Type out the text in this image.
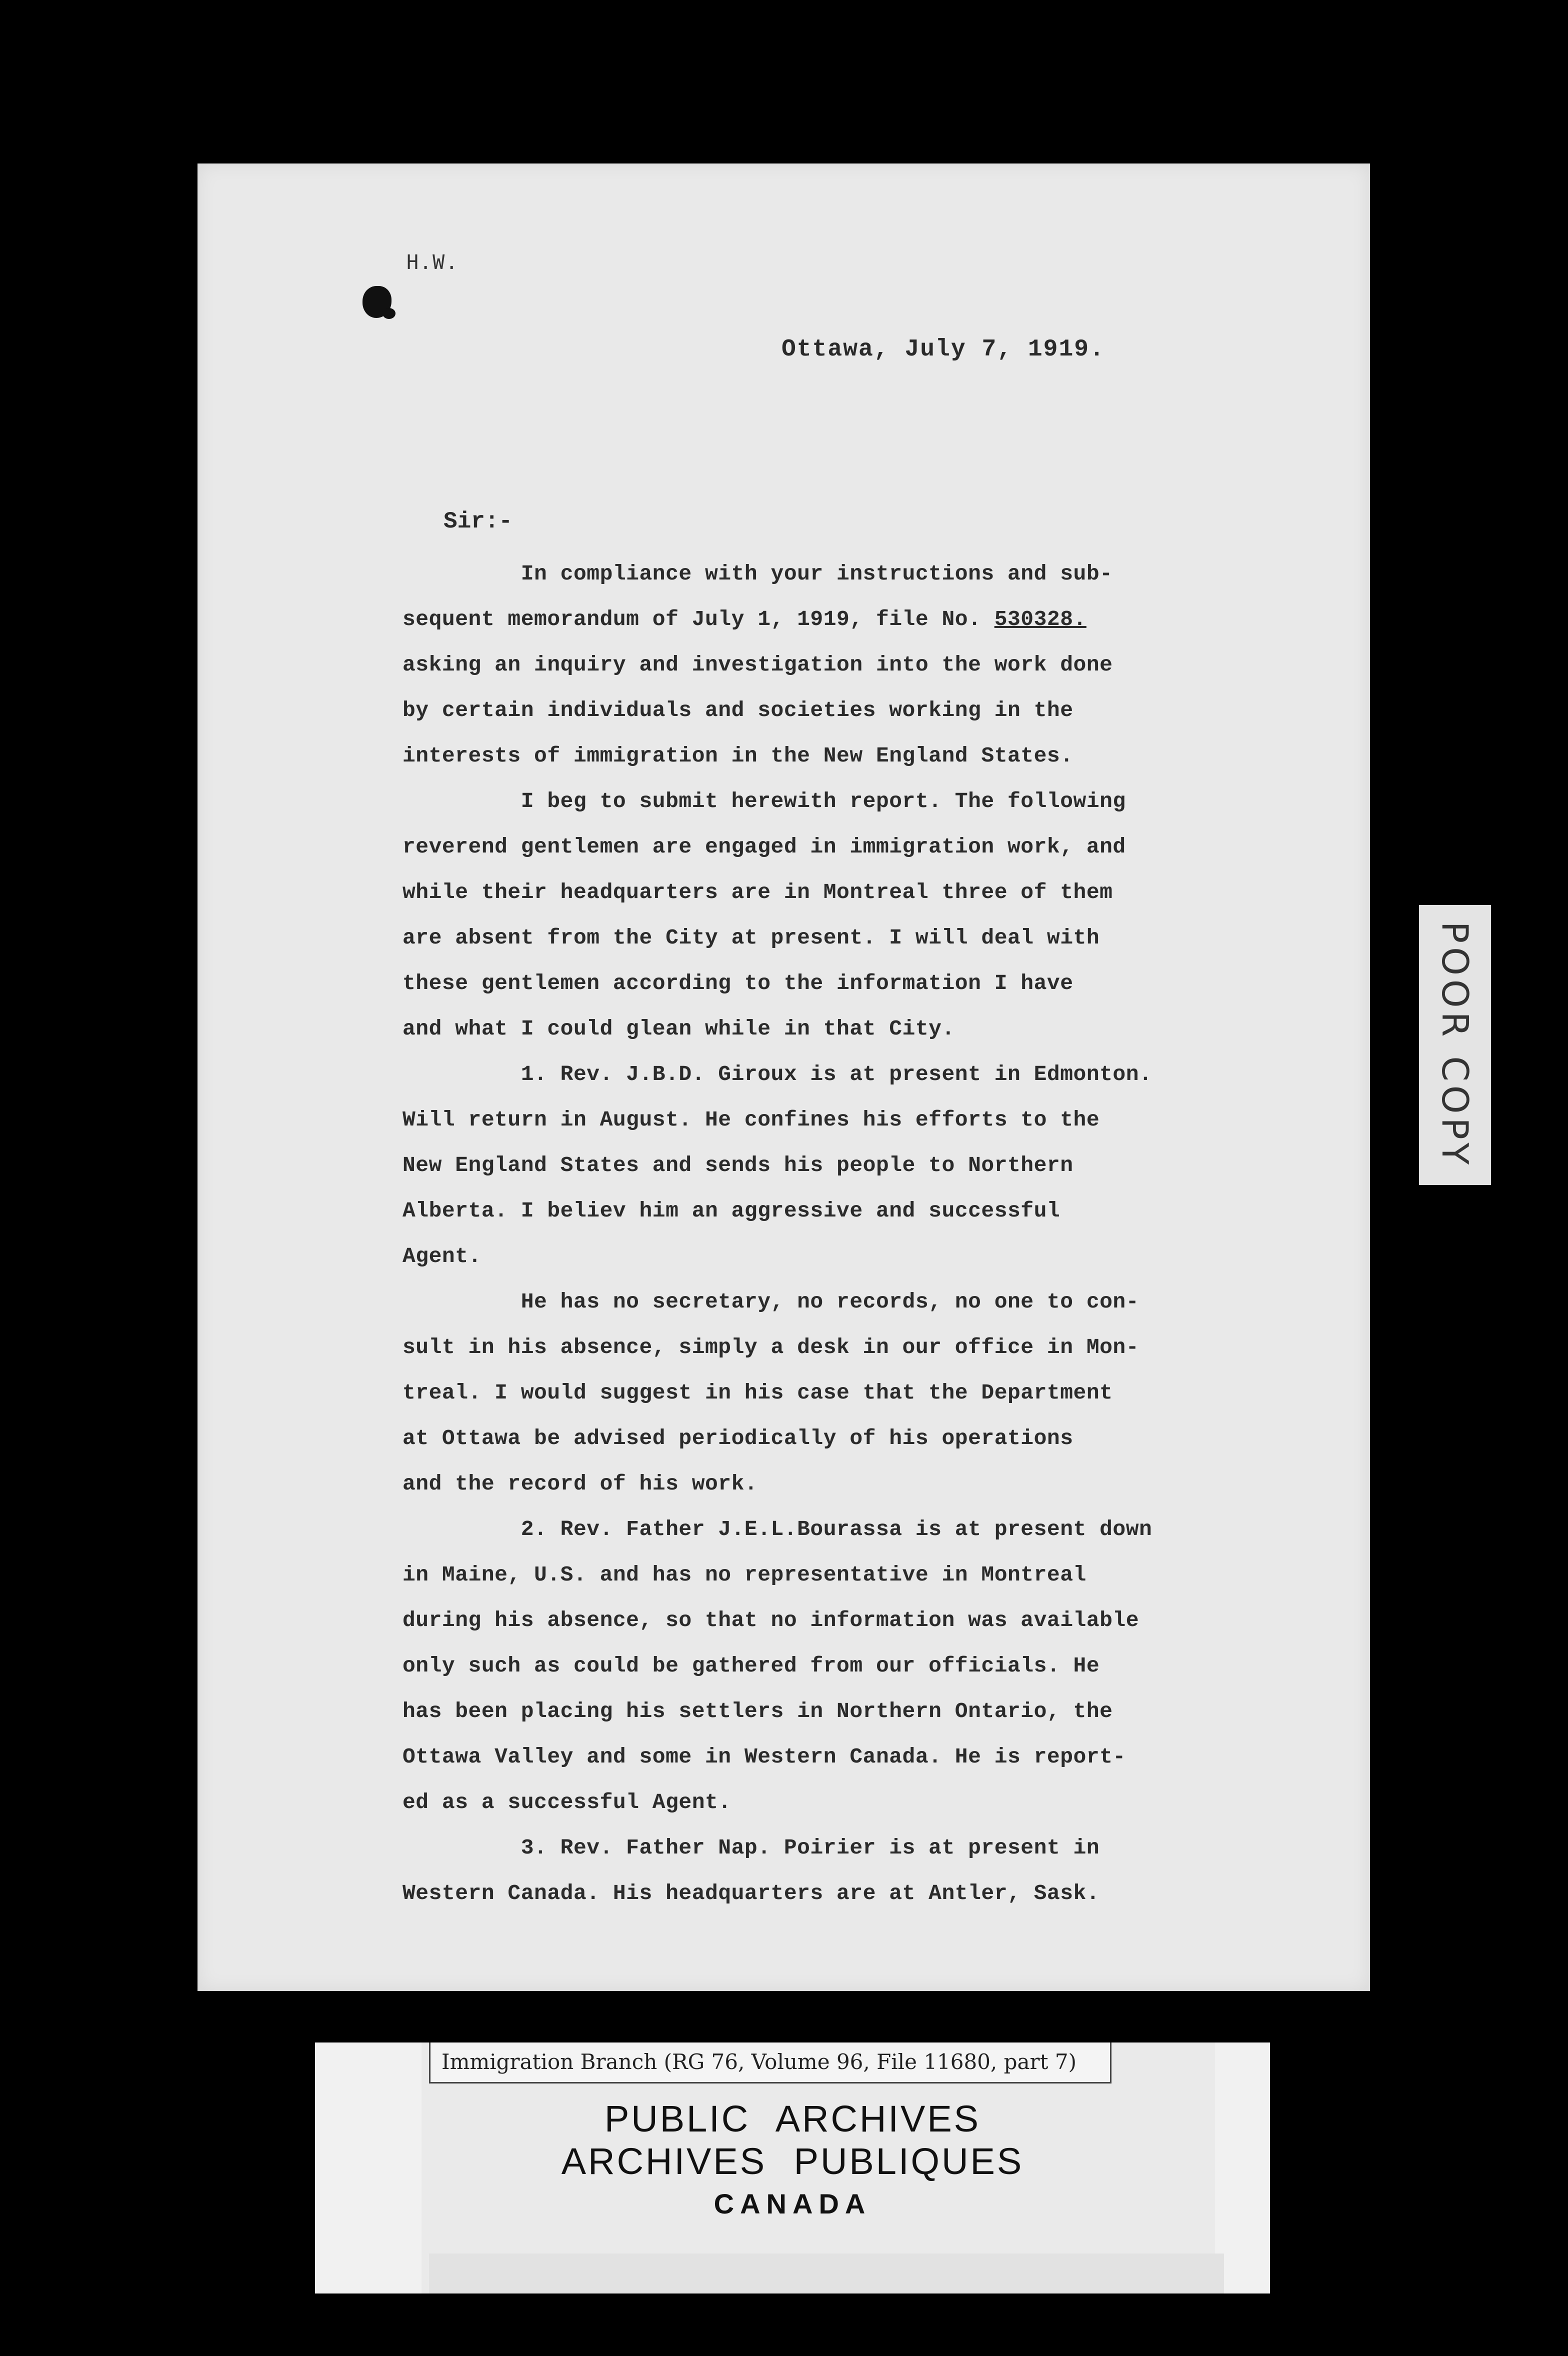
H.W.
Ottawa, July 7, 1919.
Sir:-
In compliance with your instructions and sub-
sequent memorandum of July 1, 1919, file No. 530328.
asking an inquiry and investigation into the work done
by certain individuals and societies working in the
interests of immigration in the New England States.
I beg to submit herewith report. The following
reverend gentlemen are engaged in immigration work, and
while their headquarters are in Montreal three of them
are absent from the City at present. I will deal with
these gentlemen according to the information I have
and what I could glean while in that City.
1. Rev. J.B.D. Giroux is at present in Edmonton.
Will return in August. He confines his efforts to the
New England States and sends his people to Northern
Alberta. I believ him an aggressive and successful
Agent.
He has no secretary, no records, no one to con-
sult in his absence, simply a desk in our office in Mon-
treal. I would suggest in his case that the Department
at Ottawa be advised periodically of his operations
and the record of his work.
2. Rev. Father J.E.L.Bourassa is at present down
in Maine, U.S. and has no representative in Montreal
during his absence, so that no information was available
only such as could be gathered from our officials. He
has been placing his settlers in Northern Ontario, the
Ottawa Valley and some in Western Canada. He is report-
ed as a successful Agent.
3. Rev. Father Nap. Poirier is at present in
Western Canada. His headquarters are at Antler, Sask.
POOR COPY
Immigration Branch (RG 76, Volume 96, File 11680, part 7)
PUBLIC ARCHIVES
ARCHIVES PUBLIQUES
CANADA
